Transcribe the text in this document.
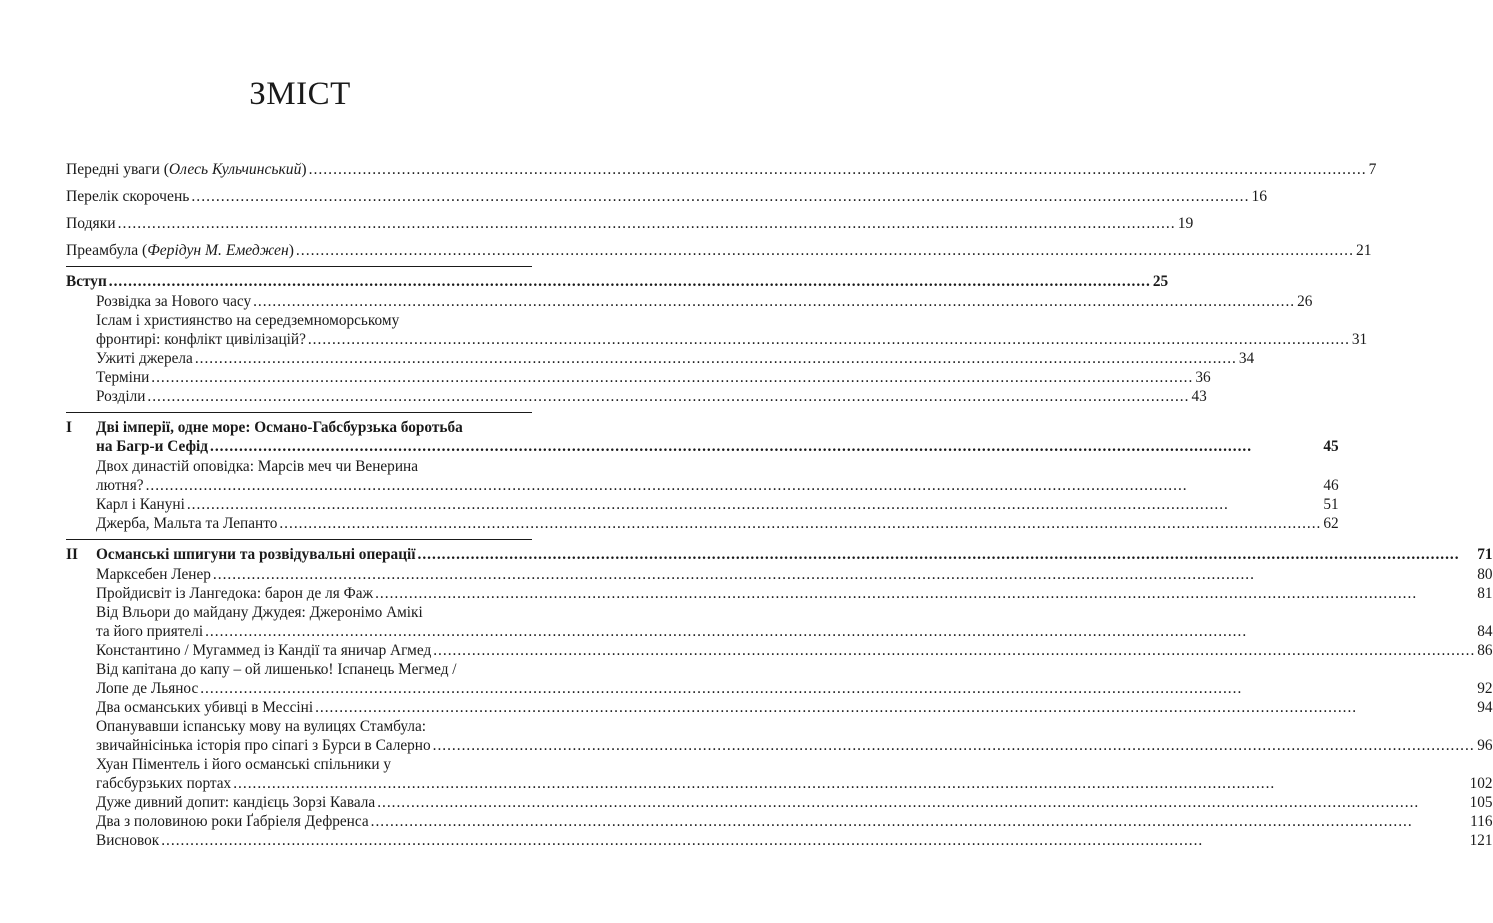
ЗМІСТ
Передні уваги (Олесь Кульчинський) .....	7
Перелік скорочень .....	16
Подяки .....	19
Преамбула (Ферідун М. Емеджен) .....	21
Вступ .....	25
Розвідка за Нового часу .....	26
Іслам і християнство на середземноморському
фронтирі: конфлікт цивілізацій? .....	31
Ужиті джерела .....	34
Терміни .....	36
Розділи .....	43
I	Дві імперії, одне море: Османо-Габсбурзька боротьба
на Багр-и Сефід .....	45
Двох династій оповідка: Марсів меч чи Венерина
лютня? .....	46
Карл і Кануні .....	51
Джерба, Мальта та Лепанто .....	62
II	Османські шпигуни та розвідувальні операції .....	71
Марксебен Ленер .....	80
Пройдисвіт із Лангедока: барон де ля Фаж .....	81
Від Вльори до майдану Джудея: Джеронімо Амікі
та його приятелі .....	84
Константино / Мугаммед із Кандії та яничар Агмед .....	86
Від капітана до капу – ой лишенько! Іспанець Мегмед /
Лопе де Льянос .....	92
Два османських убивці в Мессіні .....	94
Опанувавши іспанську мову на вулицях Стамбула:
звичайнісінька історія про сіпагі з Бурси в Салерно .....	96
Хуан Піментель і його османські спільники у
габсбурзьких портах .....	102
Дуже дивний допит: кандієць Зорзі Кавала .....	105
Два з половиною роки Ґабріеля Дефренса .....	116
Висновок .....	121
